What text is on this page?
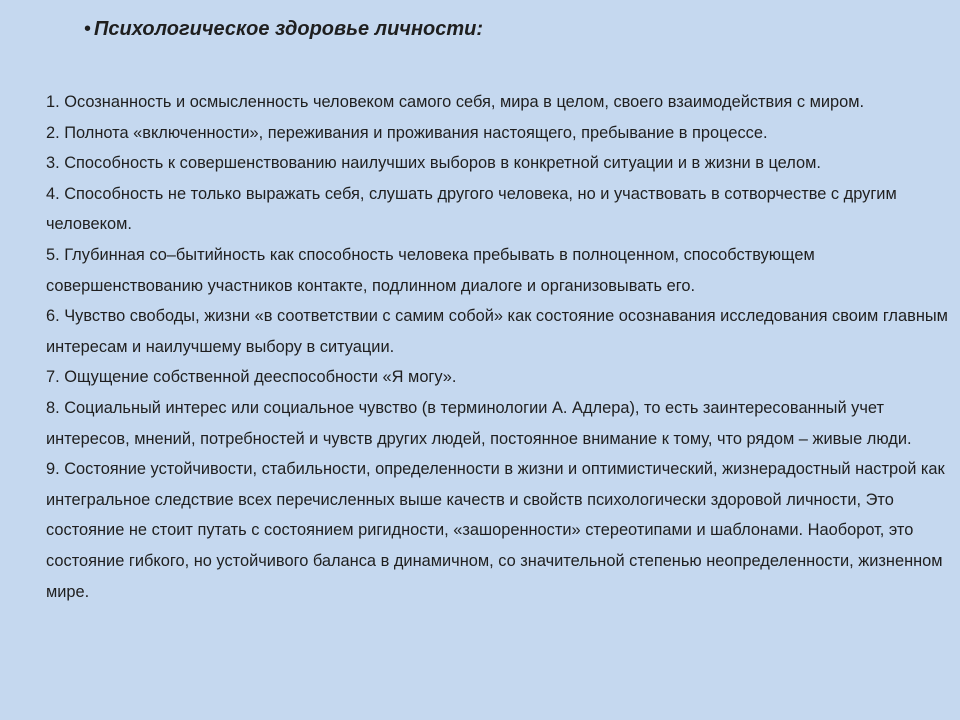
• Психологическое здоровье личности:

1. Осознанность и осмысленность человеком самого себя, мира в целом, своего взаимодействия с миром.

2. Полнота «включенности», переживания и проживания настоящего, пребывание в процессе.

3. Способность к совершенствованию наилучших выборов в конкретной ситуации и в жизни в целом.

4. Способность не только выражать себя, слушать другого человека, но и участвовать в сотворчестве с другим человеком.

5. Глубинная со–бытийность как способность человека пребывать в полноценном, способствующем совершенствованию участников контакте, подлинном диалоге и организовывать его.

6. Чувство свободы, жизни «в соответствии с самим собой» как состояние осознавания исследования своим главным интересам и наилучшему выбору в ситуации.

7. Ощущение собственной дееспособности «Я могу».

8. Социальный интерес или социальное чувство (в терминологии А. Адлера), то есть заинтересованный учет интересов, мнений, потребностей и чувств других людей, постоянное внимание к тому, что рядом – живые люди.

9. Состояние устойчивости, стабильности, определенности в жизни и оптимистический, жизнерадостный настрой как интегральное следствие всех перечисленных выше качеств и свойств психологически здоровой личности, Это состояние не стоит путать с состоянием ригидности, «зашоренности» стереотипами и шаблонами. Наоборот, это состояние гибкого, но устойчивого баланса в динамичном, со значительной степенью неопределенности, жизненном мире.
